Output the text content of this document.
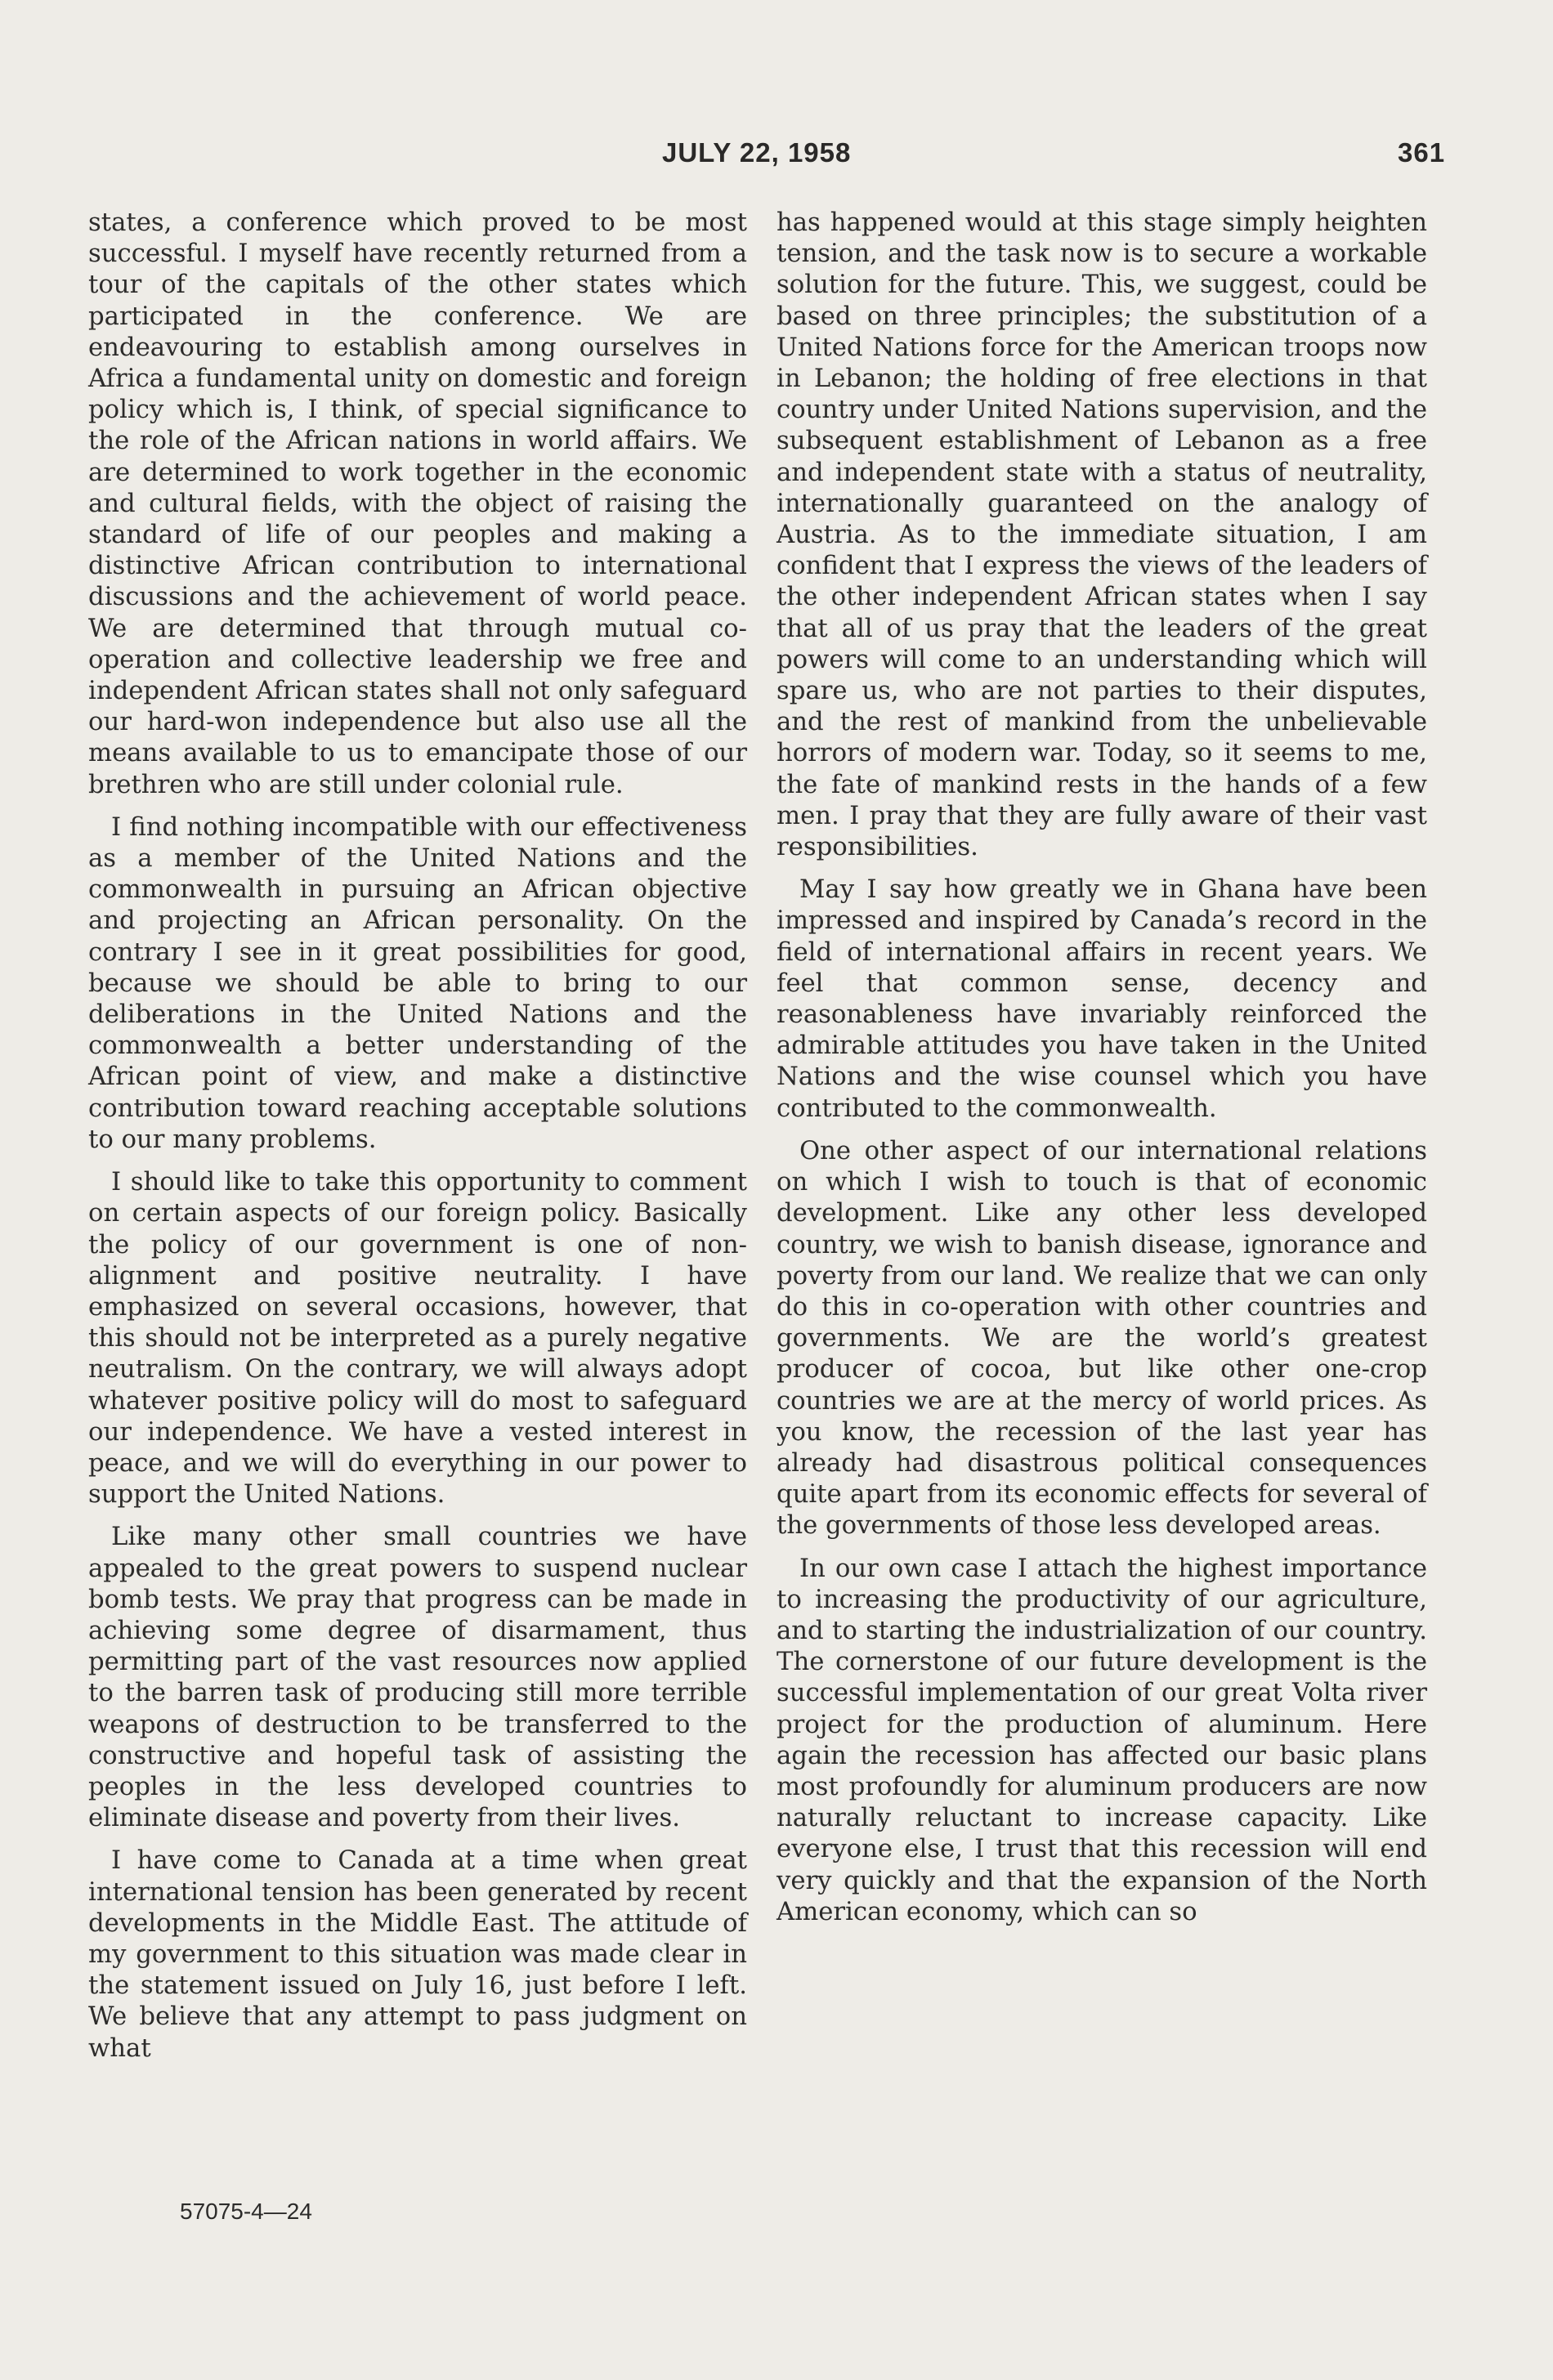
JULY 22, 1958	361

states, a conference which proved to be most successful. I myself have recently returned from a tour of the capitals of the other states which participated in the conference. We are endeavouring to establish among ourselves in Africa a fundamental unity on domestic and foreign policy which is, I think, of special significance to the role of the African nations in world affairs. We are determined to work together in the economic and cultural fields, with the object of raising the standard of life of our peoples and making a distinctive African contribution to international discussions and the achievement of world peace. We are determined that through mutual co-operation and collective leadership we free and independent African states shall not only safeguard our hard-won independence but also use all the means available to us to emancipate those of our brethren who are still under colonial rule.

I find nothing incompatible with our effectiveness as a member of the United Nations and the commonwealth in pursuing an African objective and projecting an African personality. On the contrary I see in it great possibilities for good, because we should be able to bring to our deliberations in the United Nations and the commonwealth a better understanding of the African point of view, and make a distinctive contribution toward reaching acceptable solutions to our many problems.

I should like to take this opportunity to comment on certain aspects of our foreign policy. Basically the policy of our government is one of non-alignment and positive neutrality. I have emphasized on several occasions, however, that this should not be interpreted as a purely negative neutralism. On the contrary, we will always adopt whatever positive policy will do most to safeguard our independence. We have a vested interest in peace, and we will do everything in our power to support the United Nations.

Like many other small countries we have appealed to the great powers to suspend nuclear bomb tests. We pray that progress can be made in achieving some degree of disarmament, thus permitting part of the vast resources now applied to the barren task of producing still more terrible weapons of destruction to be transferred to the constructive and hopeful task of assisting the peoples in the less developed countries to eliminate disease and poverty from their lives.

I have come to Canada at a time when great international tension has been generated by recent developments in the Middle East. The attitude of my government to this situation was made clear in the statement issued on July 16, just before I left. We believe that any attempt to pass judgment on what

has happened would at this stage simply heighten tension, and the task now is to secure a workable solution for the future. This, we suggest, could be based on three principles; the substitution of a United Nations force for the American troops now in Lebanon; the holding of free elections in that country under United Nations supervision, and the subsequent establishment of Lebanon as a free and independent state with a status of neutrality, internationally guaranteed on the analogy of Austria. As to the immediate situation, I am confident that I express the views of the leaders of the other independent African states when I say that all of us pray that the leaders of the great powers will come to an understanding which will spare us, who are not parties to their disputes, and the rest of mankind from the unbelievable horrors of modern war. Today, so it seems to me, the fate of mankind rests in the hands of a few men. I pray that they are fully aware of their vast responsibilities.

May I say how greatly we in Ghana have been impressed and inspired by Canada’s record in the field of international affairs in recent years. We feel that common sense, decency and reasonableness have invariably reinforced the admirable attitudes you have taken in the United Nations and the wise counsel which you have contributed to the commonwealth.

One other aspect of our international relations on which I wish to touch is that of economic development. Like any other less developed country, we wish to banish disease, ignorance and poverty from our land. We realize that we can only do this in co-operation with other countries and governments. We are the world’s greatest producer of cocoa, but like other one-crop countries we are at the mercy of world prices. As you know, the recession of the last year has already had disastrous political consequences quite apart from its economic effects for several of the governments of those less developed areas.

In our own case I attach the highest importance to increasing the productivity of our agriculture, and to starting the industrialization of our country. The cornerstone of our future development is the successful implementation of our great Volta river project for the production of aluminum. Here again the recession has affected our basic plans most profoundly for aluminum producers are now naturally reluctant to increase capacity. Like everyone else, I trust that this recession will end very quickly and that the expansion of the North American economy, which can so

57075-4—24
